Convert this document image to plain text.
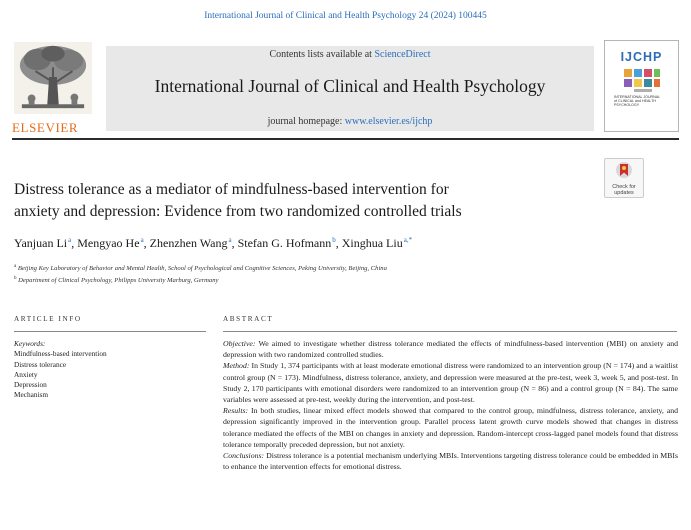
International Journal of Clinical and Health Psychology 24 (2024) 100445
ELSEVIER
Contents lists available at ScienceDirect
International Journal of Clinical and Health Psychology
journal homepage: www.elsevier.es/ijchp
IJCHP
INTERNATIONAL JOURNAL
of CLINICAL and HEALTH
PSYCHOLOGY
Check for
updates
Distress tolerance as a mediator of mindfulness-based intervention for
anxiety and depression: Evidence from two randomized controlled trials
Yanjuan Li$^a$, Mengyao He$^a$, Zhenzhen Wang$^a$, Stefan G. Hofmann$^b$, Xinghua Liu$^{a,*}$
$^a$ Beijing Key Laboratory of Behavior and Mental Health, School of Psychological and Cognitive Sciences, Peking University, Beijing, China
$^b$ Department of Clinical Psychology, Philipps University Marburg, Germany
ARTICLE INFO	ABSTRACT
Keywords:
Mindfulness-based intervention
Distress tolerance
Anxiety
Depression
Mechanism

Objective: We aimed to investigate whether distress tolerance mediated the effects of mindfulness-based intervention (MBI) on anxiety and depression with two randomized controlled studies.

Method: In Study 1, 374 participants with at least moderate emotional distress were randomized to an intervention group (N = 174) and a waitlist control group (N = 173). Mindfulness, distress tolerance, anxiety, and depression were measured at the pre-test, week 3, week 5, and post-test. In Study 2, 170 participants with emotional disorders were randomized to an intervention group (N = 86) and a control group (N = 84). The same variables were assessed at pre-test, weekly during the intervention, and post-test.

Results: In both studies, linear mixed effect models showed that compared to the control group, mindfulness, distress tolerance, anxiety, and depression significantly improved in the intervention group. Parallel process latent growth curve models showed that changes in distress tolerance mediated the effects of the MBI on changes in anxiety and depression. Random-intercept cross-lagged panel models found that distress tolerance temporally preceded depression, but not anxiety.

Conclusions: Distress tolerance is a potential mechanism underlying MBIs. Interventions targeting distress tolerance could be embedded in MBIs to enhance the intervention effects for emotional distress.
